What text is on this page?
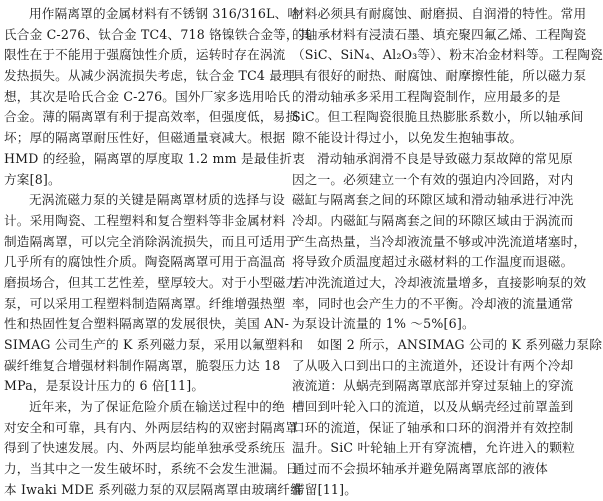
用作隔离罩的金属材料有不锈钢 316/316L、哈
氏合金 C-276、钛合金 TC4、718 铬镍铁合金等，其
限性在于不能用于强腐蚀性介质，运转时存在涡流
发热损失。从减少涡流损失考虑，钛合金 TC4 最理
想，其次是哈氏合金 C-276。国外厂家多选用哈氏
合金。薄的隔离罩有利于提高效率，但强度低，易损
坏；厚的隔离罩耐压性好，但磁通量衰减大。根据
HMD 的经验，隔离罩的厚度取 1.2 mm 是最佳折衷
方案[8]。
无涡流磁力泵的关键是隔离罩材质的选择与设
计。采用陶瓷、工程塑料和复合塑料等非金属材料
制造隔离罩，可以完全消除涡流损失，而且可适用于
几乎所有的腐蚀性介质。陶瓷隔离罩可用于高温高
磨损场合，但其工艺性差，壁厚较大。对于小型磁力
泵，可以采用工程塑料制造隔离罩。纤维增强热塑
性和热固性复合塑料隔离罩的发展很快，美国 AN-
SIMAG 公司生产的 K 系列磁力泵，采用以氟塑料和
碳纤维复合增强材料制作隔离罩，脆裂压力达 18
MPa，是泵设计压力的 6 倍[11]。
近年来，为了保证危险介质在输送过程中的绝
对安全和可靠，具有内、外两层结构的双密封隔离罩
得到了快速发展。内、外两层均能单独承受系统压
力，当其中之一发生破坏时，系统不会发生泄漏。日
本 Iwaki MDE 系列磁力泵的双层隔离罩由玻璃纤维
材料必须具有耐腐蚀、耐磨损、自润滑的特性。常用
的轴承材料有浸渍石墨、填充聚四氟乙烯、工程陶瓷
（SiC、SiN₄、Al₂O₃等）、粉末冶金材料等。工程陶瓷
具有很好的耐热、耐腐蚀、耐摩擦性能，所以磁力泵
的滑动轴承多采用工程陶瓷制作，应用最多的是
SiC。但工程陶瓷很脆且热膨胀系数小，所以轴承间
隙不能设计得过小，以免发生抱轴事故。
滑动轴承润滑不良是导致磁力泵故障的常见原
因之一。必须建立一个有效的强迫内冷回路，对内
磁缸与隔离套之间的环隙区域和滑动轴承进行冲洗
冷却。内磁缸与隔离套之间的环隙区域由于涡流而
产生高热量，当冷却液流量不够或冲洗流道堵塞时，
将导致介质温度超过永磁材料的工作温度而退磁。
若冲洗流道过大，冷却液流量增多，直接影响泵的效
率，同时也会产生力的不平衡。冷却液的流量通常
为泵设计流量的 1% ～5%[6]。
如图 2 所示，ANSIMAG 公司的 K 系列磁力泵除
了从吸入口到出口的主流道外，还设计有两个冷却
液流道：从蜗壳到隔离罩底部并穿过泵轴上的穿流
槽回到叶轮入口的流道，以及从蜗壳经过前罩盖到
口环的流道，保证了轴承和口环的润滑并有效控制
温升。SiC 叶轮轴上开有穿流槽，允许进入的颗粒
通过而不会损坏轴承并避免隔离罩底部的液体
滞留[11]。
